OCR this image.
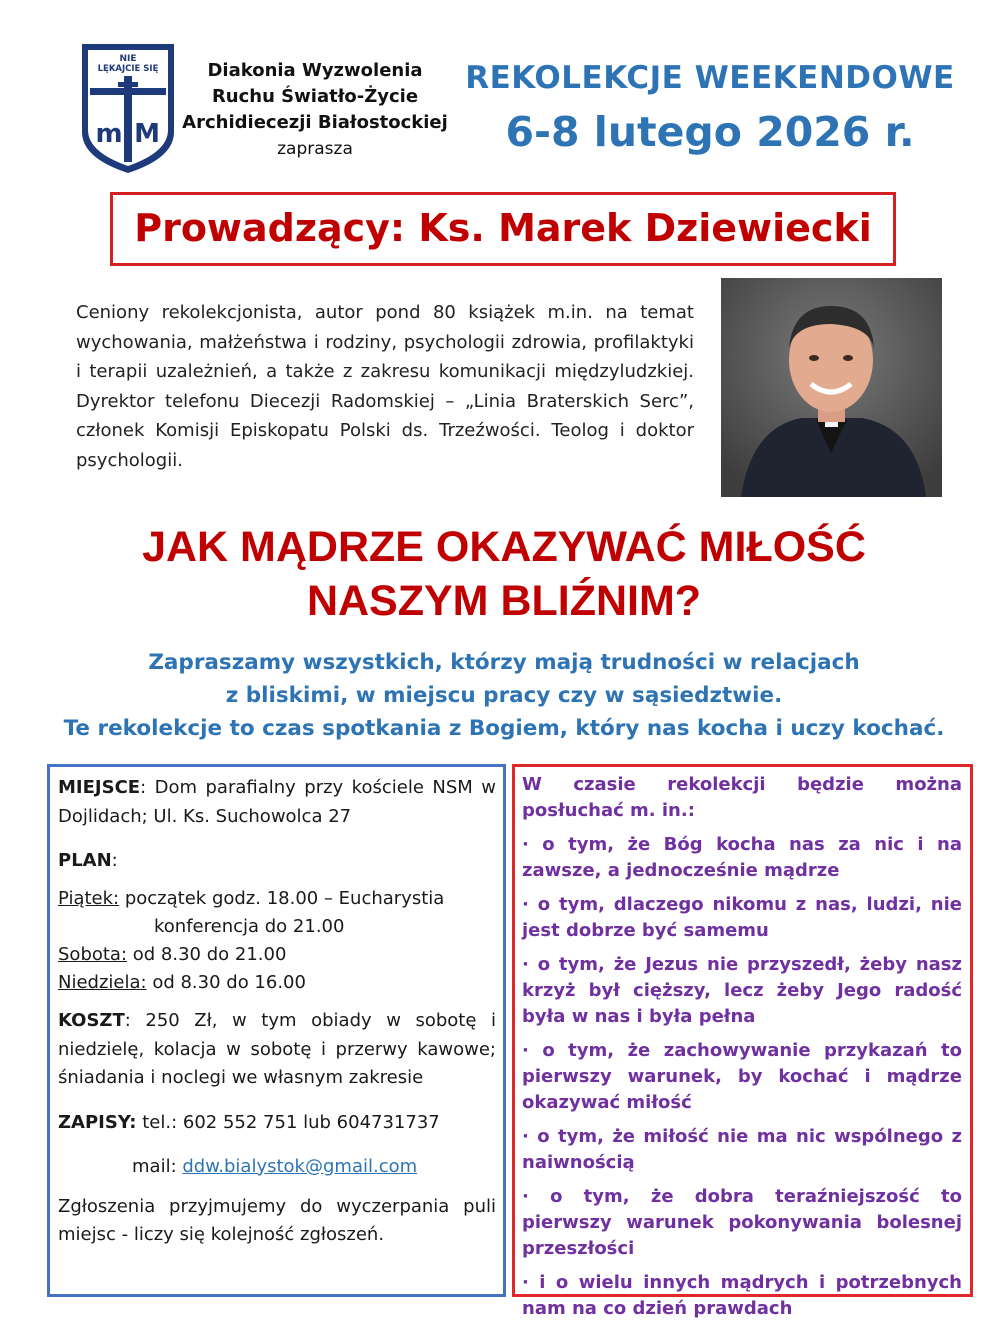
NIE
LĘKAJCIE SIĘ
m M
Diakonia Wyzwolenia
Ruchu Światło-Życie
Archidiecezji Białostockiej
zaprasza
REKOLEKCJE WEEKENDOWE
6-8 lutego 2026 r.
Prowadzący: Ks. Marek Dziewiecki
Ceniony rekolekcjonista, autor pond 80 książek m.in. na temat wychowania, małżeństwa i rodziny, psychologii zdrowia, profilaktyki i terapii uzależnień, a także z zakresu komunikacji międzyludzkiej. Dyrektor telefonu Diecezji Radomskiej – „Linia Braterskich Serc”, członek Komisji Episkopatu Polski ds. Trzeźwości. Teolog i doktor psychologii.
JAK MĄDRZE OKAZYWAĆ MIŁOŚĆ
NASZYM BLIŹNIM?
Zapraszamy wszystkich, którzy mają trudności w relacjach
z bliskimi, w miejscu pracy czy w sąsiedztwie.
Te rekolekcje to czas spotkania z Bogiem, który nas kocha i uczy kochać.

MIEJSCE: Dom parafialny przy kościele NSM w Dojlidach; Ul. Ks. Suchowolca 27

PLAN:

Piątek: początek godz. 18.00 – Eucharystia

konferencja do 21.00

Sobota: od 8.30 do 21.00

Niedziela: od 8.30 do 16.00

KOSZT: 250 Zł, w tym obiady w sobotę i niedzielę, kolacja w sobotę i przerwy kawowe; śniadania i noclegi we własnym zakresie

ZAPISY: tel.: 602 552 751 lub 604731737

mail: ddw.bialystok@gmail.com

Zgłoszenia przyjmujemy do wyczerpania puli miejsc - liczy się kolejność zgłoszeń.

W czasie rekolekcji będzie można posłuchać m. in.:

· o tym, że Bóg kocha nas za nic i na zawsze, a jednocześnie mądrze

· o tym, dlaczego nikomu z nas, ludzi, nie jest dobrze być samemu

· o tym, że Jezus nie przyszedł, żeby nasz krzyż był cięższy, lecz żeby Jego radość była w nas i była pełna

· o tym, że zachowywanie przykazań to pierwszy warunek, by kochać i mądrze okazywać miłość

· o tym, że miłość nie ma nic wspólnego z naiwnością

· o tym, że dobra teraźniejszość to pierwszy warunek pokonywania bolesnej przeszłości

· i o wielu innych mądrych i potrzebnych nam na co dzień prawdach
